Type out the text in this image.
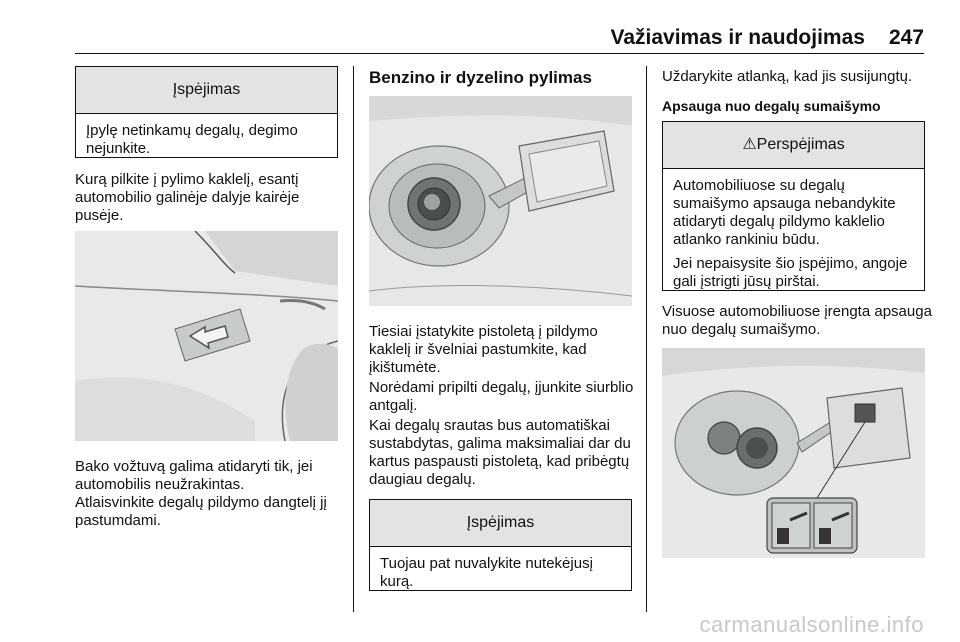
Važiavimas ir naudojimas 247
Įspėjimas
Įpylę netinkamų degalų, degimo nejunkite.

Kurą pilkite į pylimo kaklelį, esantį automobilio galinėje dalyje kairėje pusėje.

Bako vožtuvą galima atidaryti tik, jei automobilis neužrakintas.

Atlaisvinkite degalų pildymo dangtelį jį pastumdami.

Benzino ir dyzelino pylimas

Tiesiai įstatykite pistoletą į pildymo kaklelį ir švelniai pastumkite, kad įkištumėte.

Norėdami pripilti degalų, įjunkite siurblio antgalį.

Kai degalų srautas bus automatiškai sustabdytas, galima maksimaliai dar du kartus paspausti pistoletą, kad pribėgtų daugiau degalų.

Įspėjimas
Tuojau pat nuvalykite nutekėjusį kurą.

Uždarykite atlanką, kad jis susijungtų.

Apsauga nuo degalų sumaišymo
⚠Perspėjimas

Automobiliuose su degalų sumaišymo apsauga nebandykite atidaryti degalų pildymo kaklelio atlanko rankiniu būdu.

Jei nepaisysite šio įspėjimo, angoje gali įstrigti jūsų pirštai.

Visuose automobiliuose įrengta apsauga nuo degalų sumaišymo.

carmanualsonline.info
